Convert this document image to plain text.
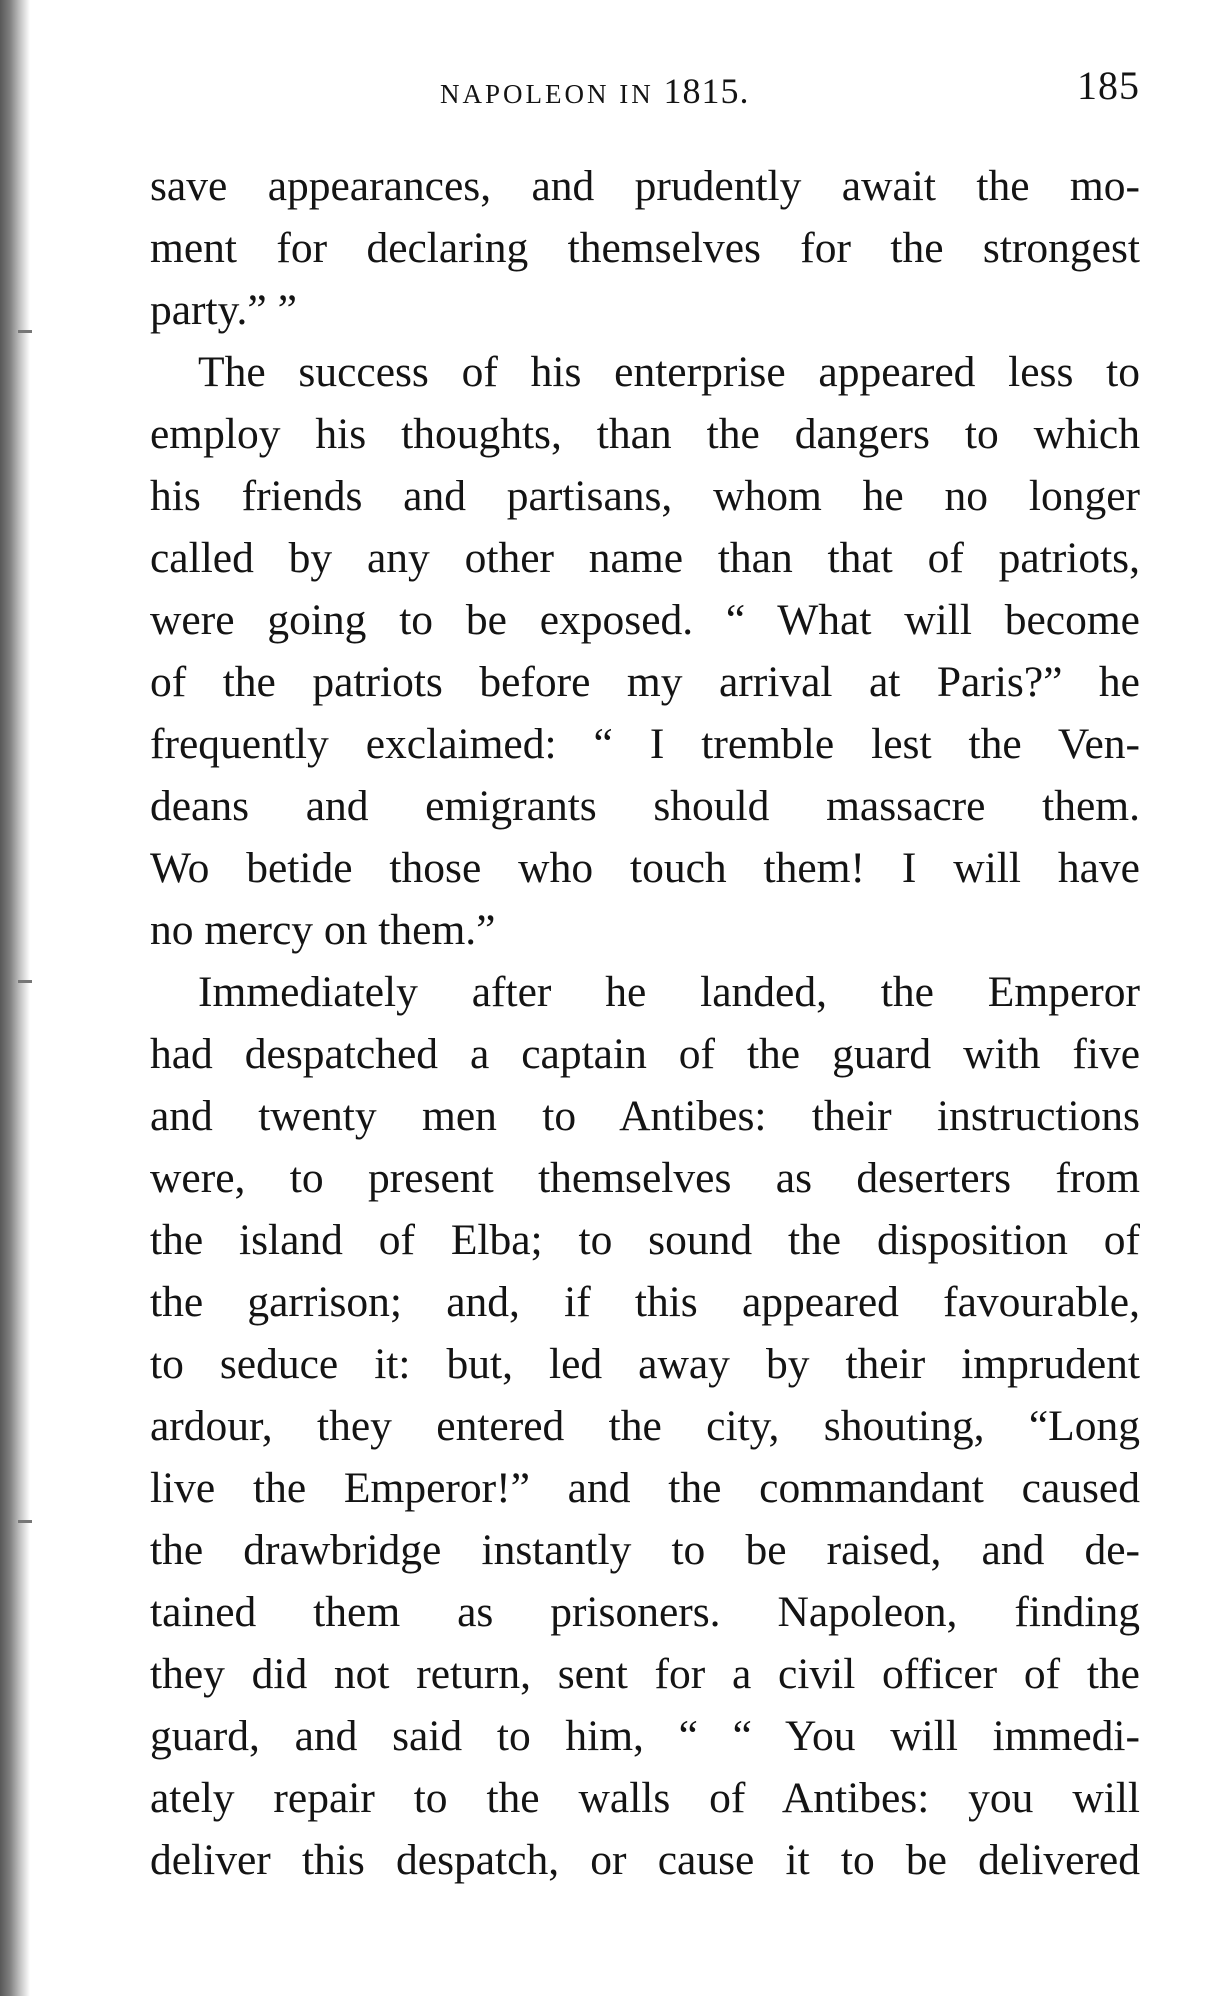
NAPOLEON IN 1815.	185
save appearances, and prudently await the mo-
ment for declaring themselves for the strongest
party.” ”
The success of his enterprise appeared less to
employ his thoughts, than the dangers to which
his friends and partisans, whom he no longer
called by any other name than that of patriots,
were going to be exposed. “ What will become
of the patriots before my arrival at Paris?” he
frequently exclaimed: “ I tremble lest the Ven-
deans and emigrants should massacre them.
Wo betide those who touch them! I will have
no mercy on them.”
Immediately after he landed, the Emperor
had despatched a captain of the guard with five
and twenty men to Antibes: their instructions
were, to present themselves as deserters from
the island of Elba; to sound the disposition of
the garrison; and, if this appeared favourable,
to seduce it: but, led away by their imprudent
ardour, they entered the city, shouting, “Long
live the Emperor!” and the commandant caused
the drawbridge instantly to be raised, and de-
tained them as prisoners. Napoleon, finding
they did not return, sent for a civil officer of the
guard, and said to him, “ “ You will immedi-
ately repair to the walls of Antibes: you will
deliver this despatch, or cause it to be delivered
